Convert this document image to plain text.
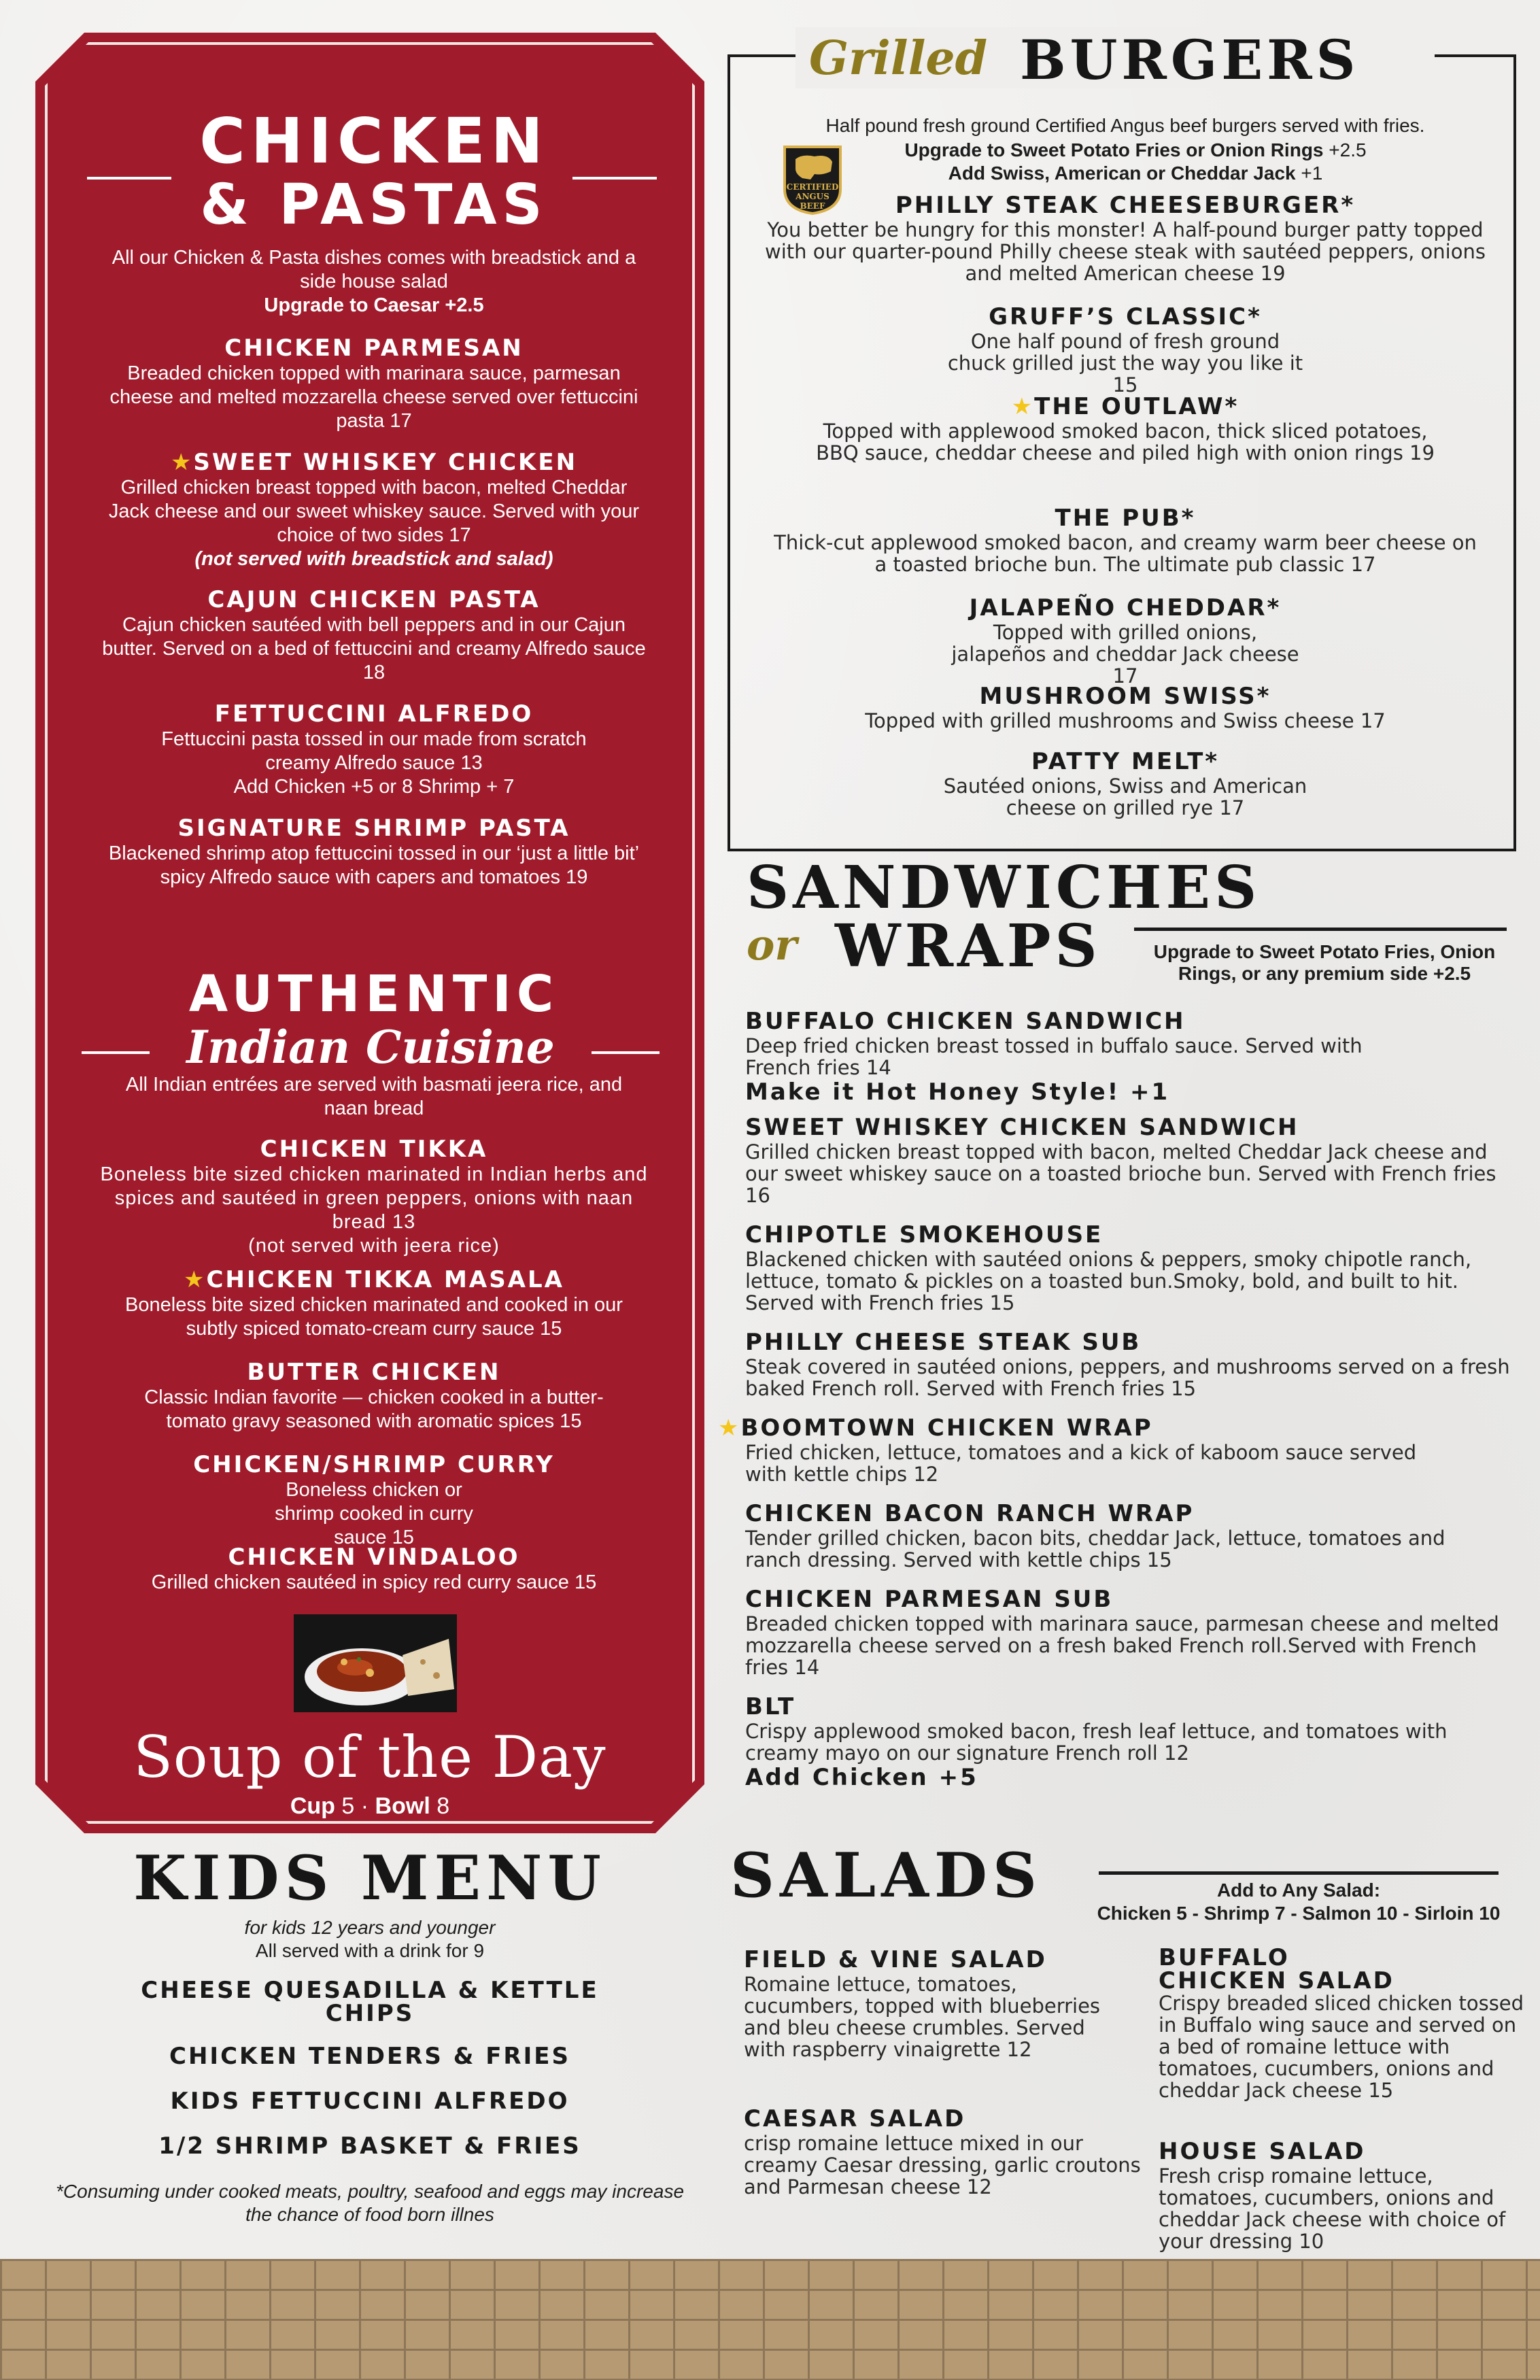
CHICKEN
& PASTAS
All our Chicken & Pasta dishes comes with breadstick and a side house salad
Upgrade to Caesar +2.5
CHICKEN PARMESAN
Breaded chicken topped with marinara sauce, parmesan cheese and melted mozzarella cheese served over fettuccini pasta 17
★SWEET WHISKEY CHICKEN
Grilled chicken breast topped with bacon, melted Cheddar Jack cheese and our sweet whiskey sauce. Served with your choice of two sides 17
(not served with breadstick and salad)
CAJUN CHICKEN PASTA
Cajun chicken sautéed with bell peppers and in our Cajun butter. Served on a bed of fettuccini and creamy Alfredo sauce 18
FETTUCCINI ALFREDO
Fettuccini pasta tossed in our made from scratch creamy Alfredo sauce 13
Add Chicken +5 or 8 Shrimp + 7
SIGNATURE SHRIMP PASTA
Blackened shrimp atop fettuccini tossed in our ‘just a little bit’ spicy Alfredo sauce with capers and tomatoes 19
AUTHENTIC
Indian Cuisine
All Indian entrées are served with basmati jeera rice, and naan bread
CHICKEN TIKKA
Boneless bite sized chicken marinated in Indian herbs and spices and sautéed in green peppers, onions with naan bread 13
(not served with jeera rice)
★CHICKEN TIKKA MASALA
Boneless bite sized chicken marinated and cooked in our subtly spiced tomato-cream curry sauce 15
BUTTER CHICKEN
Classic Indian favorite — chicken cooked in a butter-tomato gravy seasoned with aromatic spices 15
CHICKEN/SHRIMP CURRY
Boneless chicken or shrimp cooked in curry sauce 15
CHICKEN VINDALOO
Grilled chicken sautéed in spicy red curry sauce 15
Soup of the Day
Cup 5 · Bowl 8
KIDS MENU
for kids 12 years and younger
All served with a drink for 9
CHEESE QUESADILLA & KETTLE CHIPS
CHICKEN TENDERS & FRIES
KIDS FETTUCCINI ALFREDO
1/2 SHRIMP BASKET & FRIES
*Consuming under cooked meats, poultry, seafood and eggs may increase the chance of food born illnes
Grilled BURGERS
Half pound fresh ground Certified Angus beef burgers served with fries.
Upgrade to Sweet Potato Fries or Onion Rings +2.5
Add Swiss, American or Cheddar Jack +1
CERTIFIED
ANGUS BEEF	PHILLY STEAK CHEESEBURGER*
You better be hungry for this monster! A half-pound burger patty topped with our quarter-pound Philly cheese steak with sautéed peppers, onions and melted American cheese 19
GRUFF’S CLASSIC*
One half pound of fresh ground chuck grilled just the way you like it 15
★THE OUTLAW*
Topped with applewood smoked bacon, thick sliced potatoes, BBQ sauce, cheddar cheese and piled high with onion rings 19
THE PUB*
Thick-cut applewood smoked bacon, and creamy warm beer cheese on a toasted brioche bun. The ultimate pub classic 17
JALAPEÑO CHEDDAR*
Topped with grilled onions, jalapeños and cheddar Jack cheese 17
MUSHROOM SWISS*
Topped with grilled mushrooms and Swiss cheese 17
PATTY MELT*
Sautéed onions, Swiss and American cheese on grilled rye 17
SANDWICHES
or WRAPS	Upgrade to Sweet Potato Fries, Onion Rings, or any premium side +2.5
BUFFALO CHICKEN SANDWICH
Deep fried chicken breast tossed in buffalo sauce. Served with French fries 14
Make it Hot Honey Style! +1
SWEET WHISKEY CHICKEN SANDWICH
Grilled chicken breast topped with bacon, melted Cheddar Jack cheese and our sweet whiskey sauce on a toasted brioche bun. Served with French fries 16
CHIPOTLE SMOKEHOUSE
Blackened chicken with sautéed onions & peppers, smoky chipotle ranch, lettuce, tomato & pickles on a toasted bun.Smoky, bold, and built to hit. Served with French fries 15
PHILLY CHEESE STEAK SUB
Steak covered in sautéed onions, peppers, and mushrooms served on a fresh baked French roll. Served with French fries 15
★BOOMTOWN CHICKEN WRAP
Fried chicken, lettuce, tomatoes and a kick of kaboom sauce served with kettle chips 12
CHICKEN BACON RANCH WRAP
Tender grilled chicken, bacon bits, cheddar Jack, lettuce, tomatoes and ranch dressing. Served with kettle chips 15
CHICKEN PARMESAN SUB
Breaded chicken topped with marinara sauce, parmesan cheese and melted mozzarella cheese served on a fresh baked French roll.Served with French fries 14
BLT
Crispy applewood smoked bacon, fresh leaf lettuce, and tomatoes with creamy mayo on our signature French roll 12
Add Chicken +5
SALADS	Add to Any Salad:
Chicken 5 - Shrimp 7 - Salmon 10 - Sirloin 10
FIELD & VINE SALAD
Romaine lettuce, tomatoes, cucumbers, topped with blueberries and bleu cheese crumbles. Served with raspberry vinaigrette 12
CAESAR SALAD
crisp romaine lettuce mixed in our creamy Caesar dressing, garlic croutons and Parmesan cheese 12
BUFFALO
CHICKEN SALAD
Crispy breaded sliced chicken tossed in Buffalo wing sauce and served on a bed of romaine lettuce with tomatoes, cucumbers, onions and cheddar Jack cheese 15
HOUSE SALAD
Fresh crisp romaine lettuce, tomatoes, cucumbers, onions and cheddar Jack cheese with choice of your dressing 10
